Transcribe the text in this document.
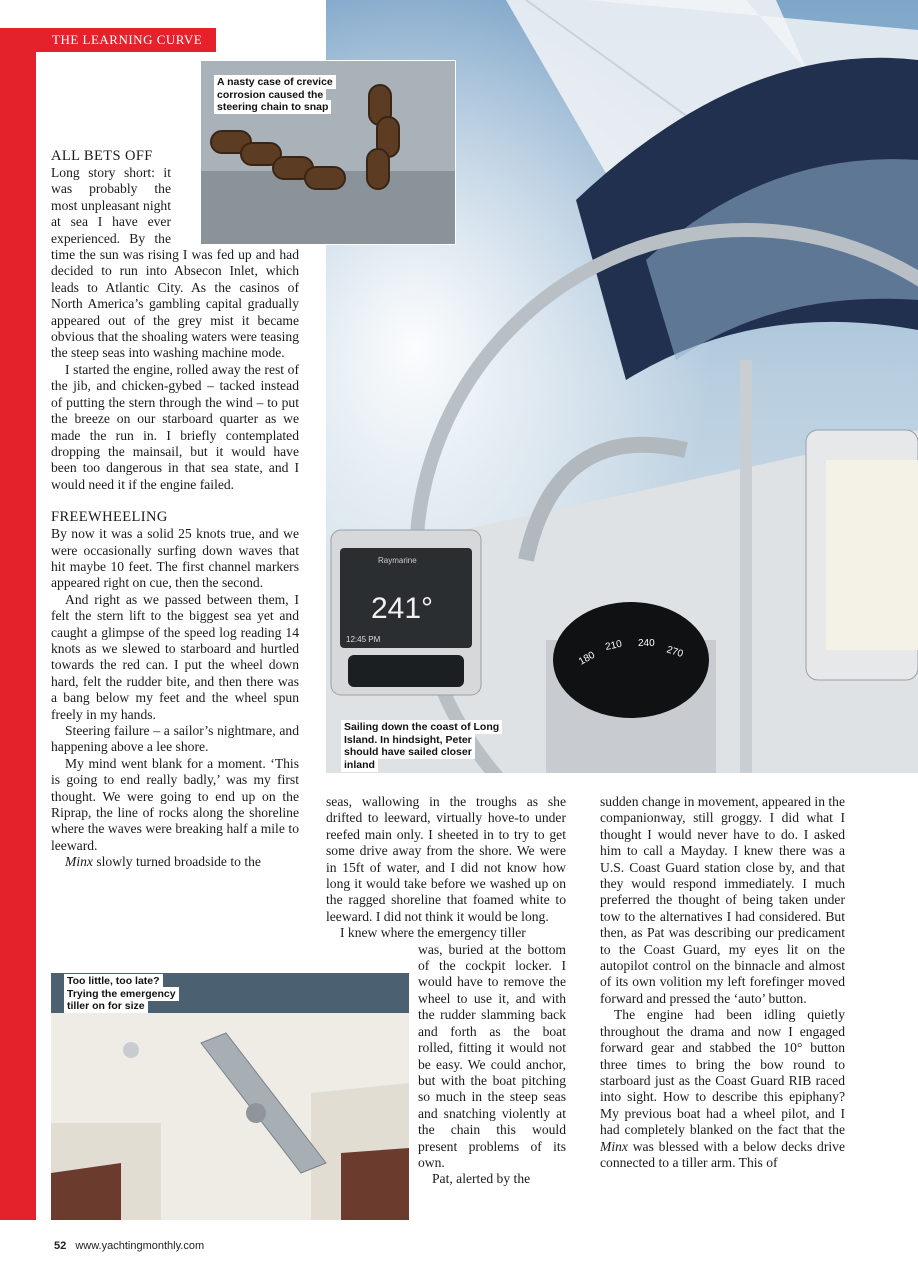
THE LEARNING CURVE
Raymarine
241°
12:45 PM
180
210 240
270
A nasty case of crevice corrosion caused the steering chain to snap
Sailing down the coast of Long Island. In hindsight, Peter should have sailed closer inland
Too little, too late? Trying the emergency tiller on for size
ALL BETS OFF

Long story short: it was probably the most unpleasant night at sea I have ever experienced. By the time the sun was rising I was fed up and had decided to run into Absecon Inlet, which leads to Atlantic City. As the casinos of North America’s gambling capital gradually appeared out of the grey mist it became obvious that the shoaling waters were teasing the steep seas into washing machine mode.

I started the engine, rolled away the rest of the jib, and chicken-gybed – tacked instead of putting the stern through the wind – to put the breeze on our starboard quarter as we made the run in. I briefly contemplated dropping the mainsail, but it would have been too dangerous in that sea state, and I would need it if the engine failed.

FREEWHEELING

By now it was a solid 25 knots true, and we were occasionally surfing down waves that hit maybe 10 feet. The first channel markers appeared right on cue, then the second.

And right as we passed between them, I felt the stern lift to the biggest sea yet and caught a glimpse of the speed log reading 14 knots as we slewed to starboard and hurtled towards the red can. I put the wheel down hard, felt the rudder bite, and then there was a bang below my feet and the wheel spun freely in my hands.

Steering failure – a sailor’s nightmare, and happening above a lee shore.

My mind went blank for a moment. ‘This is going to end really badly,’ was my first thought. We were going to end up on the Riprap, the line of rocks along the shoreline where the waves were breaking half a mile to leeward.

Minx slowly turned broadside to the

seas, wallowing in the troughs as she drifted to leeward, virtually hove-to under reefed main only. I sheeted in to try to get some drive away from the shore. We were in 15ft of water, and I did not know how long it would take before we washed up on the ragged shoreline that foamed white to leeward. I did not think it would be long.

I knew where the emergency tiller

was, buried at the bottom of the cockpit locker. I would have to remove the wheel to use it, and with the rudder slamming back and forth as the boat rolled, fitting it would not be easy. We could anchor, but with the boat pitching so much in the steep seas and snatching violently at the chain this would present problems of its own.

Pat, alerted by the

sudden change in movement, appeared in the companionway, still groggy. I did what I thought I would never have to do. I asked him to call a Mayday. I knew there was a U.S. Coast Guard station close by, and that they would respond immediately. I much preferred the thought of being taken under tow to the alternatives I had considered. But then, as Pat was describing our predicament to the Coast Guard, my eyes lit on the autopilot control on the binnacle and almost of its own volition my left forefinger moved forward and pressed the ‘auto’ button.

The engine had been idling quietly throughout the drama and now I engaged forward gear and stabbed the 10° button three times to bring the bow round to starboard just as the Coast Guard RIB raced into sight. How to describe this epiphany? My previous boat had a wheel pilot, and I had completely blanked on the fact that the Minx was blessed with a below decks drive connected to a tiller arm. This of

52 www.yachtingmonthly.com
